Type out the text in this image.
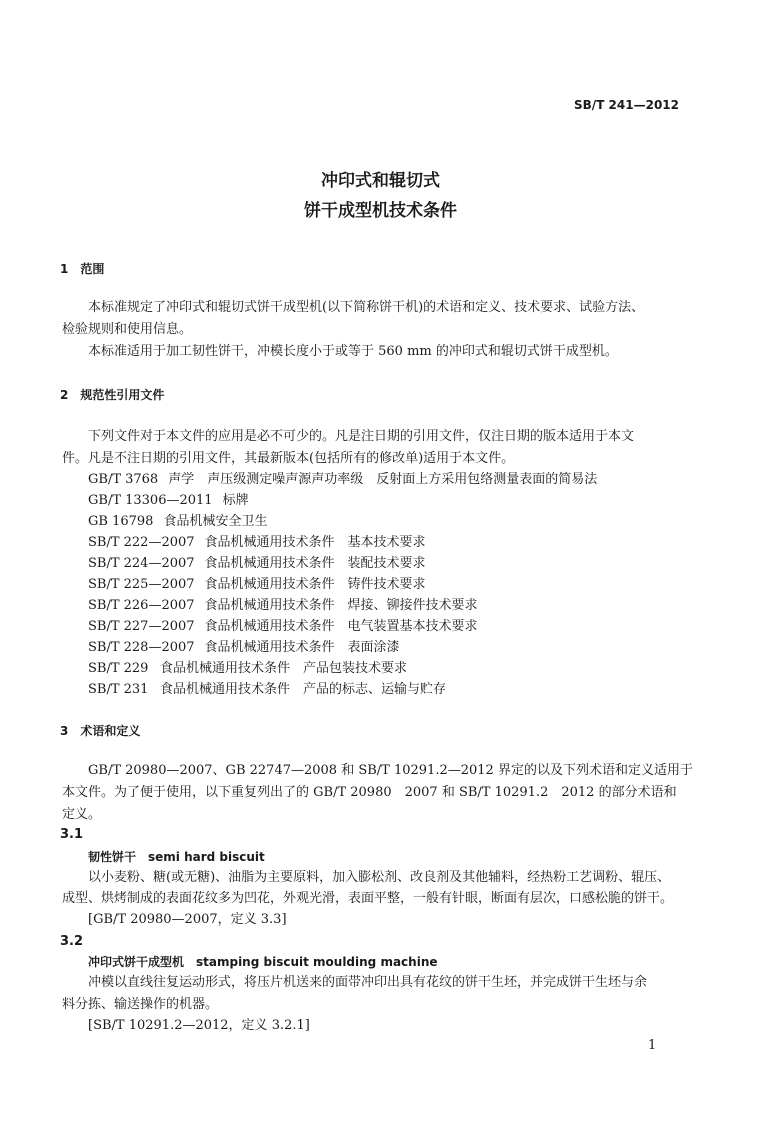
SB/T 241—2012
冲印式和辊切式
饼干成型机技术条件
1　范围
本标准规定了冲印式和辊切式饼干成型机(以下简称饼干机)的术语和定义、技术要求、试验方法、
检验规则和使用信息。
本标准适用于加工韧性饼干，冲模长度小于或等于 560 mm 的冲印式和辊切式饼干成型机。
2　规范性引用文件
下列文件对于本文件的应用是必不可少的。凡是注日期的引用文件，仅注日期的版本适用于本文
件。凡是不注日期的引用文件，其最新版本(包括所有的修改单)适用于本文件。
GB/T 3768 声学　声压级测定噪声源声功率级　反射面上方采用包络测量表面的简易法
GB/T 13306—2011 标牌
GB 16798 食品机械安全卫生
SB/T 222—2007 食品机械通用技术条件　基本技术要求
SB/T 224—2007 食品机械通用技术条件　装配技术要求
SB/T 225—2007 食品机械通用技术条件　铸件技术要求
SB/T 226—2007 食品机械通用技术条件　焊接、铆接件技术要求
SB/T 227—2007 食品机械通用技术条件　电气装置基本技术要求
SB/T 228—2007 食品机械通用技术条件　表面涂漆
SB/T 229 食品机械通用技术条件　产品包装技术要求
SB/T 231 食品机械通用技术条件　产品的标志、运输与贮存
3　术语和定义
GB/T 20980—2007、GB 22747—2008 和 SB/T 10291.2—2012 界定的以及下列术语和定义适用于
本文件。为了便于使用，以下重复列出了的 GB/T 20980　2007 和 SB/T 10291.2　2012 的部分术语和
定义。
3.1
韧性饼干　semi hard biscuit
以小麦粉、糖(或无糖)、油脂为主要原料，加入膨松剂、改良剂及其他辅料，经热粉工艺调粉、辊压、
成型、烘烤制成的表面花纹多为凹花，外观光滑，表面平整，一般有针眼，断面有层次，口感松脆的饼干。
[GB/T 20980—2007，定义 3.3]
3.2
冲印式饼干成型机　stamping biscuit moulding machine
冲模以直线往复运动形式，将压片机送来的面带冲印出具有花纹的饼干生坯，并完成饼干生坯与余
料分拣、输送操作的机器。
[SB/T 10291.2—2012，定义 3.2.1]
1
